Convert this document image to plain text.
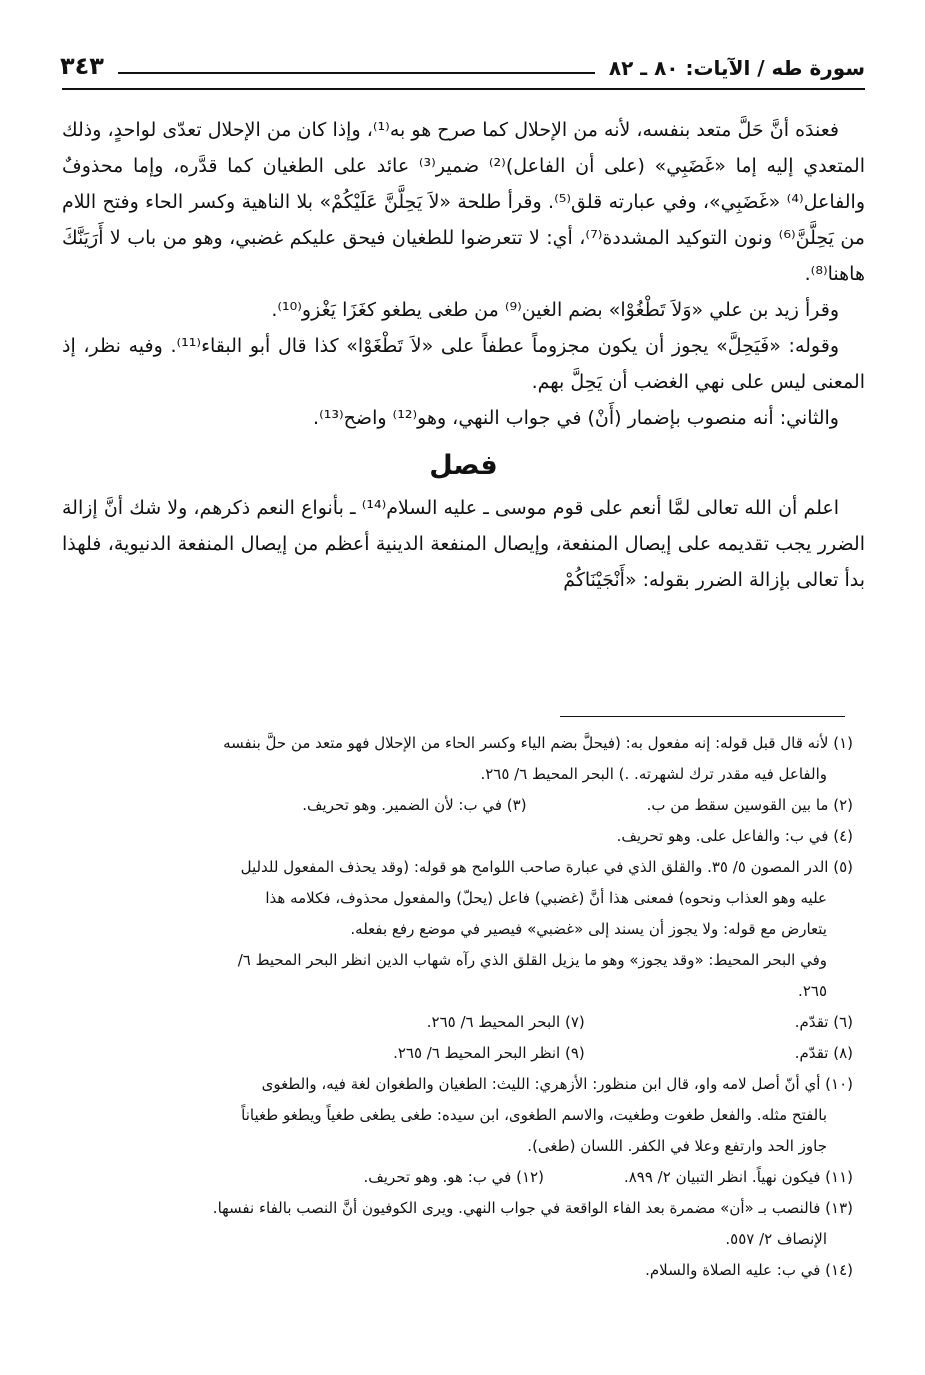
سورة طه / الآيات: ٨٠ ـ ٨٢
٣٤٣

فعندَه أنَّ حَلَّ متعد بنفسه، لأنه من الإحلال كما صرح هو به⁽¹⁾، وإذا كان من الإحلال تعدّى لواحدٍ، وذلك المتعدي إليه إما «غَضَبِي» (على أن الفاعل)⁽²⁾ ضمير⁽³⁾ عائد على الطغيان كما قدَّره، وإما محذوفٌ والفاعل⁽⁴⁾ «غَضَبِي»، وفي عبارته قلق⁽⁵⁾. وقرأ طلحة «لاَ يَحِلَّنَّ عَلَيْكُمْ» بلا الناهية وكسر الحاء وفتح اللام من يَحِلَّنَّ⁽⁶⁾ ونون التوكيد المشددة⁽⁷⁾، أي: لا تتعرضوا للطغيان فيحق عليكم غضبي، وهو من باب لا أَرَيَنَّكَ هاهنا⁽⁸⁾.

وقرأ زيد بن علي «وَلاَ تَطْغُوْا» بضم الغين⁽⁹⁾ من طغى يطغو كغَزَا يَغْزو⁽¹⁰⁾.

وقوله: «فَيَحِلَّ» يجوز أن يكون مجزوماً عطفاً على «لاَ تَطْغَوْا» كذا قال أبو البقاء⁽¹¹⁾. وفيه نظر، إذ المعنى ليس على نهي الغضب أن يَحِلَّ بهم.

والثاني: أنه منصوب بإضمار (أَنْ) في جواب النهي، وهو⁽¹²⁾ واضح⁽¹³⁾.

فصل

اعلم أن الله تعالى لمَّا أنعم على قوم موسى ـ عليه السلام⁽¹⁴⁾ ـ بأنواع النعم ذكرهم، ولا شك أنَّ إزالة الضرر يجب تقديمه على إيصال المنفعة، وإيصال المنفعة الدينية أعظم من إيصال المنفعة الدنيوية، فلهذا بدأ تعالى بإزالة الضرر بقوله: «أَنْجَيْنَاكُمْ

(١) لأنه قال قبل قوله: إنه مفعول به: (فيحلَّ بضم الياء وكسر الحاء من الإحلال فهو متعد من حلَّ بنفسه

والفاعل فيه مقدر ترك لشهرته. .) البحر المحيط ٦/ ٢٦٥.

(٢) ما بين القوسين سقط من ب.
(٣) في ب: لأن الضمير. وهو تحريف.

(٤) في ب: والفاعل على. وهو تحريف.

(٥) الدر المصون ٥/ ٣٥. والقلق الذي في عبارة صاحب اللوامح هو قوله: (وقد يحذف المفعول للدليل

عليه وهو العذاب ونحوه) فمعنى هذا أنَّ (غضبي) فاعل (يحلّ) والمفعول محذوف، فكلامه هذا

يتعارض مع قوله: ولا يجوز أن يسند إلى «غضبي» فيصير في موضع رفع بفعله.

وفي البحر المحيط: «وقد يجوز» وهو ما يزيل القلق الذي رآه شهاب الدين انظر البحر المحيط ٦/

٢٦٥.

(٦) تقدّم.
(٧) البحر المحيط ٦/ ٢٦٥.
(٨) تقدّم.
(٩) انظر البحر المحيط ٦/ ٢٦٥.

(١٠) أي أنّ أصل لامه واو، قال ابن منظور: الأزهري: الليث: الطغيان والطغوان لغة فيه، والطغوى

بالفتح مثله. والفعل طغوت وطغيت، والاسم الطغوى، ابن سيده: طغى يطغى طغياً ويطغو طغياناً

جاوز الحد وارتفع وعلا في الكفر. اللسان (طغى).

(١١) فيكون نهياً. انظر التبيان ٢/ ٨٩٩.
(١٢) في ب: هو. وهو تحريف.

(١٣) فالنصب بـ «أن» مضمرة بعد الفاء الواقعة في جواب النهي. ويرى الكوفيون أنَّ النصب بالفاء نفسها.

الإنصاف ٢/ ٥٥٧.

(١٤) في ب: عليه الصلاة والسلام.
